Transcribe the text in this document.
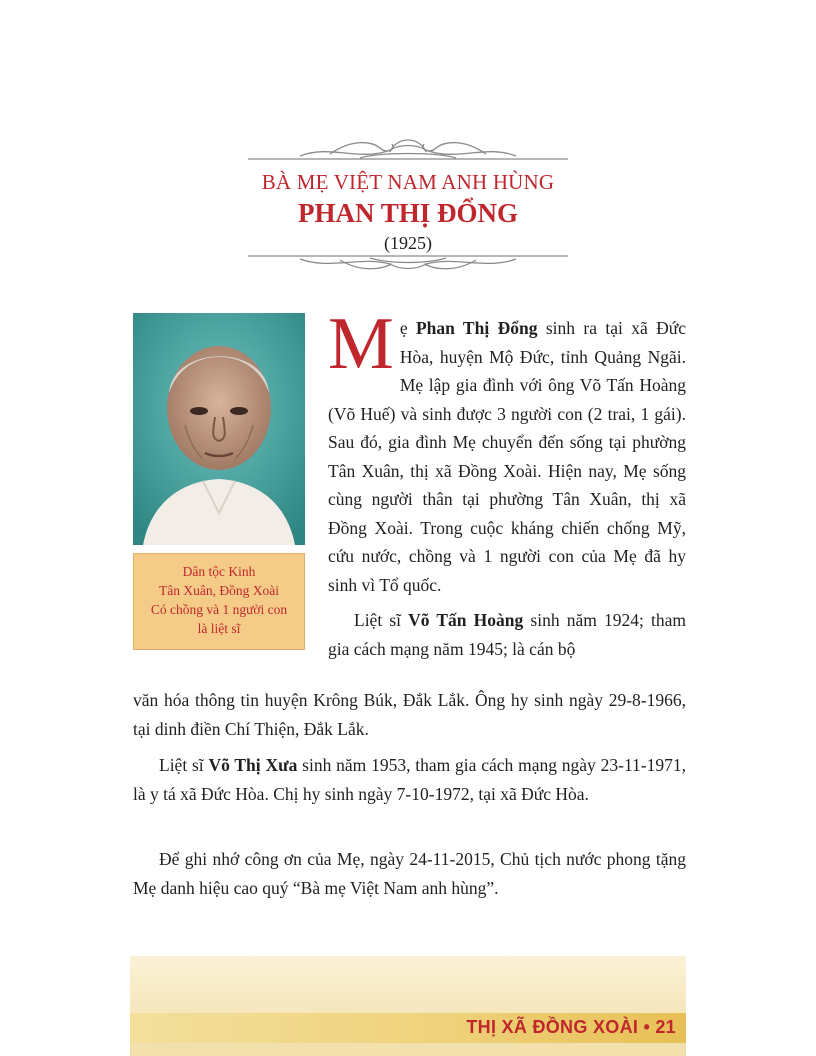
BÀ MẸ VIỆT NAM ANH HÙNG
PHAN THỊ ĐỔNG
(1925)
Dân tộc Kinh
Tân Xuân, Đồng Xoài
Có chồng và 1 người con
là liệt sĩ

Mẹ Phan Thị Đổng sinh ra tại xã Đức Hòa, huyện Mộ Đức, tỉnh Quảng Ngãi. Mẹ lập gia đình với ông Võ Tấn Hoàng (Võ Huế) và sinh được 3 người con (2 trai, 1 gái). Sau đó, gia đình Mẹ chuyển đến sống tại phường Tân Xuân, thị xã Đồng Xoài. Hiện nay, Mẹ sống cùng người thân tại phường Tân Xuân, thị xã Đồng Xoài. Trong cuộc kháng chiến chống Mỹ, cứu nước, chồng và 1 người con của Mẹ đã hy sinh vì Tổ quốc.

Liệt sĩ Võ Tấn Hoàng sinh năm 1924; tham gia cách mạng năm 1945; là cán bộ

văn hóa thông tin huyện Krông Búk, Đắk Lắk. Ông hy sinh ngày 29-8-1966, tại dinh điền Chí Thiện, Đắk Lắk.

Liệt sĩ Võ Thị Xưa sinh năm 1953, tham gia cách mạng ngày 23-11-1971, là y tá xã Đức Hòa. Chị hy sinh ngày 7-10-1972, tại xã Đức Hòa.

Để ghi nhớ công ơn của Mẹ, ngày 24-11-2015, Chủ tịch nước phong tặng Mẹ danh hiệu cao quý “Bà mẹ Việt Nam anh hùng”.

THỊ XÃ ĐỒNG XOÀI • 21
